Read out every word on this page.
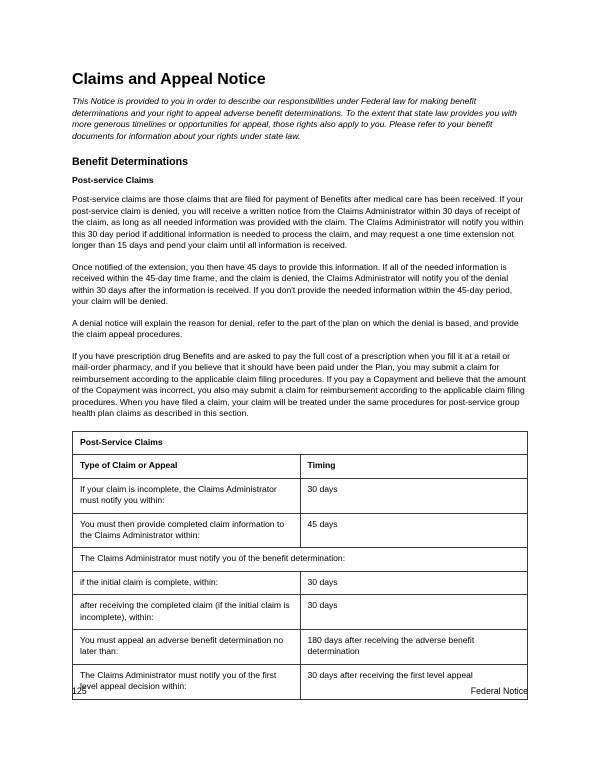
Claims and Appeal Notice

This Notice is provided to you in order to describe our responsibilities under Federal law for making benefit determinations and your right to appeal adverse benefit determinations. To the extent that state law provides you with more generous timelines or opportunities for appeal, those rights also apply to you. Please refer to your benefit documents for information about your rights under state law.

Benefit Determinations
Post-service Claims

Post-service claims are those claims that are filed for payment of Benefits after medical care has been received. If your post-service claim is denied, you will receive a written notice from the Claims Administrator within 30 days of receipt of the claim, as long as all needed information was provided with the claim. The Claims Administrator will notify you within this 30 day period if additional information is needed to process the claim, and may request a one time extension not longer than 15 days and pend your claim until all information is received.

Once notified of the extension, you then have 45 days to provide this information. If all of the needed information is received within the 45-day time frame, and the claim is denied, the Claims Administrator will notify you of the denial within 30 days after the information is received. If you don't provide the needed information within the 45-day period, your claim will be denied.

A denial notice will explain the reason for denial, refer to the part of the plan on which the denial is based, and provide the claim appeal procedures.

If you have prescription drug Benefits and are asked to pay the full cost of a prescription when you fill it at a retail or mail-order pharmacy, and if you believe that it should have been paid under the Plan, you may submit a claim for reimbursement according to the applicable claim filing procedures. If you pay a Copayment and believe that the amount of the Copayment was incorrect, you also may submit a claim for reimbursement according to the applicable claim filing procedures. When you have filed a claim, your claim will be treated under the same procedures for post-service group health plan claims as described in this section.

Post-Service Claims	
Type of Claim or Appeal	Timing
If your claim is incomplete, the Claims Administrator must notify you within:	30 days
You must then provide completed claim information to the Claims Administrator within:	45 days
The Claims Administrator must notify you of the benefit determination:	
if the initial claim is complete, within:	30 days
after receiving the completed claim (if the initial claim is incomplete), within:	30 days
You must appeal an adverse benefit determination no later than:	180 days after receiving the adverse benefit determination
The Claims Administrator must notify you of the first level appeal decision within:	30 days after receiving the first level appeal
125	Federal Notice
